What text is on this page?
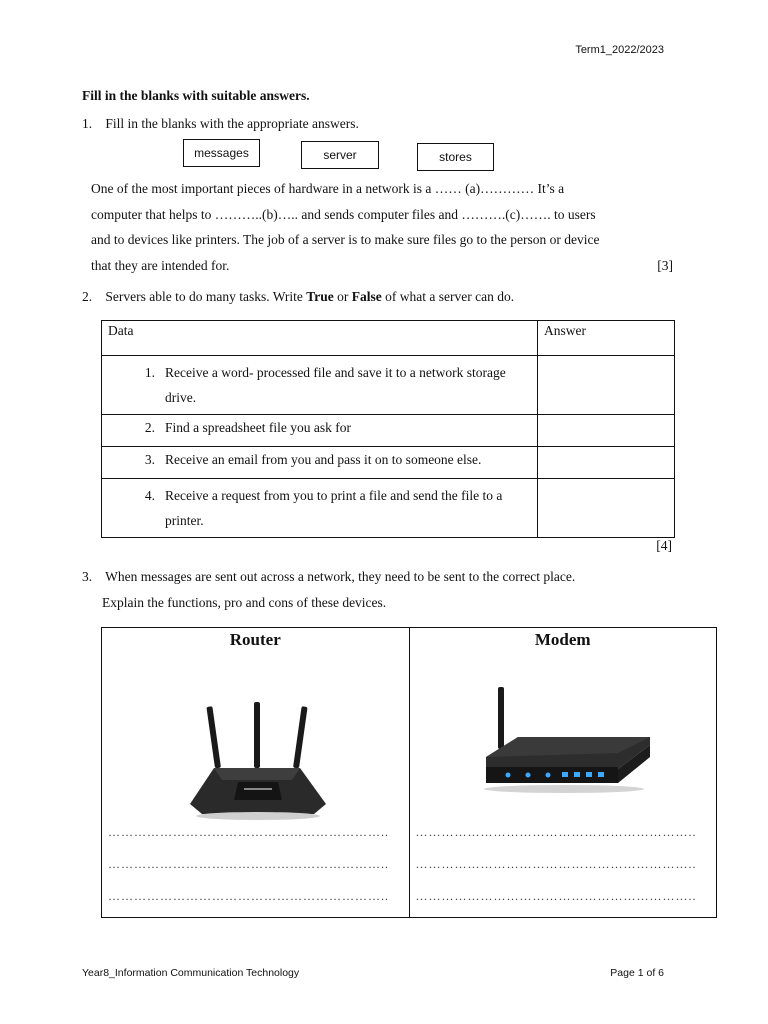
Term1_2022/2023
Fill in the blanks with suitable answers.
1. Fill in the blanks with the appropriate answers.
messages	server	stores
One of the most important pieces of hardware in a network is a …… (a)………… It’s a
computer that helps to ………..(b)….. and sends computer files and ……….(c)……. to users
and to devices like printers. The job of a server is to make sure files go to the person or device
that they are intended for.	[3]
2. Servers able to do many tasks. Write True or False of what a server can do.
Data	Answer

1. Receive a word- processed file and save it to a network storage drive.	

2. Find a spreadsheet file you ask for	

3. Receive an email from you and pass it on to someone else.	

4. Receive a request from you to print a file and send the file to a printer.	

[4]
3. When messages are sent out across a network, they need to be sent to the correct place.
Explain the functions, pro and cons of these devices.
Router
………………………………………………………..
………………………………………………………..
………………………………………………………..
Modem
………………………………………………………..
………………………………………………………..
………………………………………………………..
Year8_Information Communication Technology	Page 1 of 6
